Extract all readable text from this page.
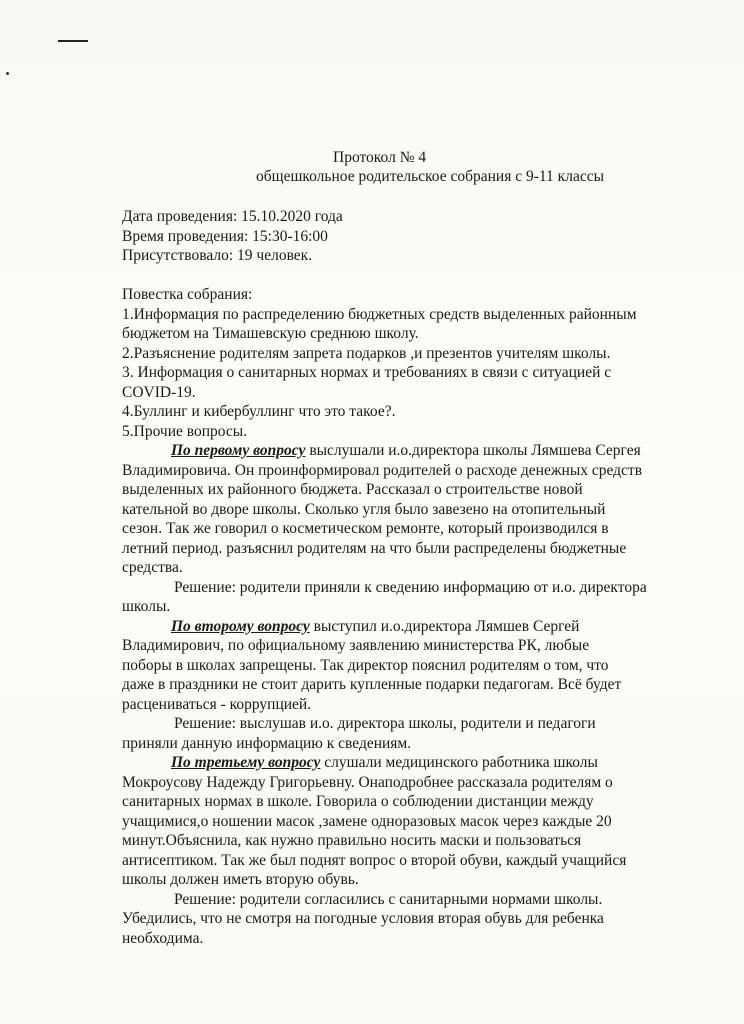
Протокол № 4
общешкольное родительское собрания с 9-11 классы
Дата проведения: 15.10.2020 года
Время проведения: 15:30-16:00
Присутствовало: 19 человек.
Повестка собрания:
1.Информация по распределению бюджетных средств выделенных районным
бюджетом на Тимашевскую среднюю школу.
2.Разъяснение родителям запрета подарков ,и презентов учителям школы.
3. Информация о санитарных нормах и требованиях в связи с ситуацией с
COVID-19.
4.Буллинг и кибербуллинг что это такое?.
5.Прочие вопросы.
По первому вопросу выслушали и.о.директора школы Лямшева Сергея
Владимировича. Он проинформировал родителей о расходе денежных средств
выделенных их районного бюджета. Рассказал о строительстве новой
кательной во дворе школы. Сколько угля было завезено на отопительный
сезон. Так же говорил о косметическом ремонте, который производился в
летний период. разъяснил родителям на что были распределены бюджетные
средства.
Решение: родители приняли к сведению информацию от и.о. директора
школы.
По второму вопросу выступил и.о.директора Лямшев Сергей
Владимирович, по официальному заявлению министерства РК, любые
поборы в школах запрещены. Так директор пояснил родителям о том, что
даже в праздники не стоит дарить купленные подарки педагогам. Всё будет
расцениваться - коррупцией.
Решение: выслушав и.о. директора школы, родители и педагоги
приняли данную информацию к сведениям.
По третьему вопросу слушали медицинского работника школы
Мокроусову Надежду Григорьевну. Онаподробнее рассказала родителям о
санитарных нормах в школе. Говорила о соблюдении дистанции между
учащимися,о ношении масок ,замене одноразовых масок через каждые 20
минут.Объяснила, как нужно правильно носить маски и пользоваться
антисептиком. Так же был поднят вопрос о второй обуви, каждый учащийся
школы должен иметь вторую обувь.
Решение: родители согласились с санитарными нормами школы.
Убедились, что не смотря на погодные условия вторая обувь для ребенка
необходима.
